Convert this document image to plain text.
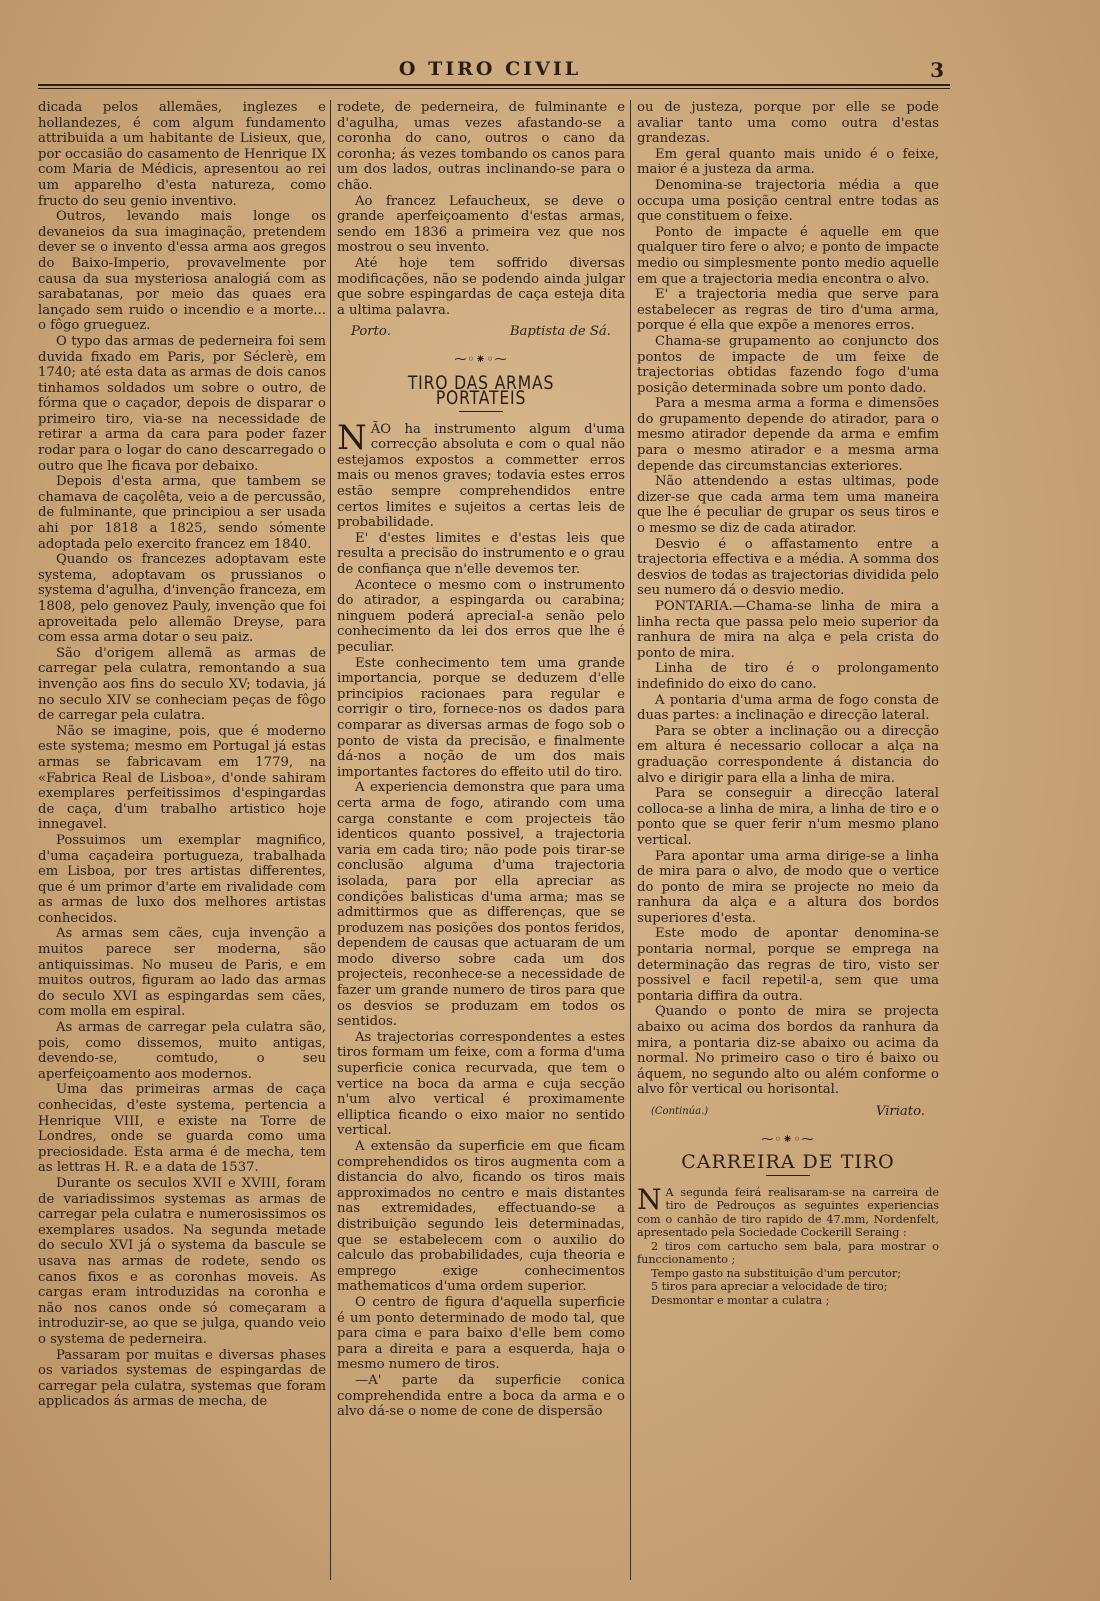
O TIRO CIVIL	3

dicada pelos allemães, inglezes e hollandezes, é com algum fundamento attribuida a um habitante de Lisieux, que, por occasião do casamento de Henrique IX com Maria de Médicis, apresentou ao rei um apparelho d'esta natureza, como fructo do seu genio inventivo.

Outros, levando mais longe os devaneios da sua imaginação, pretendem dever se o invento d'essa arma aos gregos do Baixo-Imperio, provavelmente por causa da sua mysteriosa analogiá com as sarabatanas, por meio das quaes era lançado sem ruido o incendio e a morte... o fôgo grueguez.

O typo das armas de pederneira foi sem duvida fixado em Paris, por Séclerè, em 1740; até esta data as armas de dois canos tinhamos soldados um sobre o outro, de fórma que o caçador, depois de disparar o primeiro tiro, via-se na necessidade de retirar a arma da cara para poder fazer rodar para o logar do cano descarregado o outro que lhe ficava por debaixo.

Depois d'esta arma, que tambem se chamava de caçolêta, veio a de percussão, de fulminante, que principiou a ser usada ahi por 1818 a 1825, sendo sómente adoptada pelo exercito francez em 1840.

Quando os francezes adoptavam este systema, adoptavam os prussianos o systema d'agulha, d'invenção franceza, em 1808, pelo genovez Pauly, invenção que foi aproveitada pelo allemão Dreyse, para com essa arma dotar o seu paiz.

São d'origem allemã as armas de carregar pela culatra, remontando a sua invenção aos fins do seculo XV; todavia, já no seculo XIV se conheciam peças de fôgo de carregar pela culatra.

Não se imagine, pois, que é moderno este systema; mesmo em Portugal já estas armas se fabricavam em 1779, na «Fabrica Real de Lisboa», d'onde sahiram exemplares perfeitissimos d'espingardas de caça, d'um trabalho artistico hoje innegavel.

Possuimos um exemplar magnifico, d'uma caçadeira portugueza, trabalhada em Lisboa, por tres artistas differentes, que é um primor d'arte em rivalidade com as armas de luxo dos melhores artistas conhecidos.

As armas sem cães, cuja invenção a muitos parece ser moderna, são antiquissimas. No museu de Paris, e em muitos outros, figuram ao lado das armas do seculo XVI as espingardas sem cães, com molla em espiral.

As armas de carregar pela culatra são, pois, como dissemos, muito antigas, devendo-se, comtudo, o seu aperfeiçoamento aos modernos.

Uma das primeiras armas de caça conhecidas, d'este systema, pertencia a Henrique VIII, e existe na Torre de Londres, onde se guarda como uma preciosidade. Esta arma é de mecha, tem as lettras H. R. e a data de 1537.

Durante os seculos XVII e XVIII, foram de variadissimos systemas as armas de carregar pela culatra e numerosissimos os exemplares usados. Na segunda metade do seculo XVI já o systema da bascule se usava nas armas de rodete, sendo os canos fixos e as coronhas moveis. As cargas eram introduzidas na coronha e não nos canos onde só começaram a introduzir-se, ao que se julga, quando veio o systema de pederneira.

Passaram por muitas e diversas phases os variados systemas de espingardas de carregar pela culatra, systemas que foram applicados ás armas de mecha, de

rodete, de pederneira, de fulminante e d'agulha, umas vezes afastando-se a coronha do cano, outros o cano da coronha; ás vezes tombando os canos para um dos lados, outras inclinando-se para o chão.

Ao francez Lefaucheux, se deve o grande aperfeiçoamento d'estas armas, sendo em 1836 a primeira vez que nos mostrou o seu invento.

Até hoje tem soffrido diversas modificações, não se podendo ainda julgar que sobre espingardas de caça esteja dita a ultima palavra.

Porto.	Baptista de Sá.
⁓◦⁕◦⁓
TIRO DAS ARMAS PORTATEIS

NÃO ha instrumento algum d'uma correcção absoluta e com o qual não estejamos expostos a commetter erros mais ou menos graves; todavia estes erros estão sempre comprehendidos entre certos limites e sujeitos a certas leis de probabilidade.

E' d'estes limites e d'estas leis que resulta a precisão do instrumento e o grau de confiança que n'elle devemos ter.

Acontece o mesmo com o instrumento do atirador, a espingarda ou carabina; ninguem poderá apreciaI-a senão pelo conhecimento da lei dos erros que lhe é peculiar.

Este conhecimento tem uma grande importancia, porque se deduzem d'elle principios racionaes para regular e corrigir o tiro, fornece-nos os dados para comparar as diversas armas de fogo sob o ponto de vista da precisão, e finalmente dá-nos a noção de um dos mais importantes factores do effeito util do tiro.

A experiencia demonstra que para uma certa arma de fogo, atirando com uma carga constante e com projecteis tão identicos quanto possivel, a trajectoria varia em cada tiro; não pode pois tirar-se conclusão alguma d'uma trajectoria isolada, para por ella apreciar as condições balisticas d'uma arma; mas se admittirmos que as differenças, que se produzem nas posições dos pontos feridos, dependem de causas que actuaram de um modo diverso sobre cada um dos projecteis, reconhece-se a necessidade de fazer um grande numero de tiros para que os desvios se produzam em todos os sentidos.

As trajectorias correspondentes a estes tiros formam um feixe, com a forma d'uma superficie conica recurvada, que tem o vertice na boca da arma e cuja secção n'um alvo vertical é proximamente elliptica ficando o eixo maior no sentido vertical.

A extensão da superficie em que ficam comprehendidos os tiros augmenta com a distancia do alvo, ficando os tiros mais approximados no centro e mais distantes nas extremidades, effectuando-se a distribuição segundo leis determinadas, que se estabelecem com o auxilio do calculo das probabilidades, cuja theoria e emprego exige conhecimentos mathematicos d'uma ordem superior.

O centro de figura d'aquella superficie é um ponto determinado de modo tal, que para cima e para baixo d'elle bem como para a direita e para a esquerda, haja o mesmo numero de tiros.

—A' parte da superficie conica comprehendida entre a boca da arma e o alvo dá-se o nome de cone de dispersão

ou de justeza, porque por elle se pode avaliar tanto uma como outra d'estas grandezas.

Em geral quanto mais unido é o feixe, maior é a justeza da arma.

Denomina-se trajectoria média a que occupa uma posição central entre todas as que constituem o feixe.

Ponto de impacte é aquelle em que qualquer tiro fere o alvo; e ponto de impacte medio ou simplesmente ponto medio aquelle em que a trajectoria media encontra o alvo.

E' a trajectoria media que serve para estabelecer as regras de tiro d'uma arma, porque é ella que expõe a menores erros.

Chama-se grupamento ao conjuncto dos pontos de impacte de um feixe de trajectorias obtidas fazendo fogo d'uma posição determinada sobre um ponto dado.

Para a mesma arma a forma e dimensões do grupamento depende do atirador, para o mesmo atirador depende da arma e emfim para o mesmo atirador e a mesma arma depende das circumstancias exteriores.

Não attendendo a estas ultimas, pode dizer-se que cada arma tem uma maneira que lhe é peculiar de grupar os seus tiros e o mesmo se diz de cada atirador.

Desvio é o affastamento entre a trajectoria effectiva e a média. A somma dos desvios de todas as trajectorias dividida pelo seu numero dá o desvio medio.

PONTARIA.—Chama-se linha de mira a linha recta que passa pelo meio superior da ranhura de mira na alça e pela crista do ponto de mira.

Linha de tiro é o prolongamento indefinido do eixo do cano.

A pontaria d'uma arma de fogo consta de duas partes: a inclinação e direcção lateral.

Para se obter a inclinação ou a direcção em altura é necessario collocar a alça na graduação correspondente á distancia do alvo e dirigir para ella a linha de mira.

Para se conseguir a direcção lateral colloca-se a linha de mira, a linha de tiro e o ponto que se quer ferir n'um mesmo plano vertical.

Para apontar uma arma dirige-se a linha de mira para o alvo, de modo que o vertice do ponto de mira se projecte no meio da ranhura da alça e a altura dos bordos superiores d'esta.

Este modo de apontar denomina-se pontaria normal, porque se emprega na determinação das regras de tiro, visto ser possivel e facil repetil-a, sem que uma pontaria diffira da outra.

Quando o ponto de mira se projecta abaixo ou acima dos bordos da ranhura da mira, a pontaria diz-se abaixo ou acima da normal. No primeiro caso o tiro é baixo ou áquem, no segundo alto ou além conforme o alvo fôr vertical ou horisontal.

(Continúa.)	Viriato.
⁓◦⁕◦⁓
CARREIRA DE TIRO

N A segunda feirá realisaram-se na carreira de tiro de Pedrouços as seguintes experiencias com o canhão de tiro rapido de 47.mm, Nordenfelt, apresentado pela Sociedade Cockerill Seraing :

2 tiros com cartucho sem bala, para mostrar o funccionamento ;

Tempo gasto na substituição d'um percutor;

5 tiros para apreciar a velocidade de tiro;

Desmontar e montar a culatra ;
